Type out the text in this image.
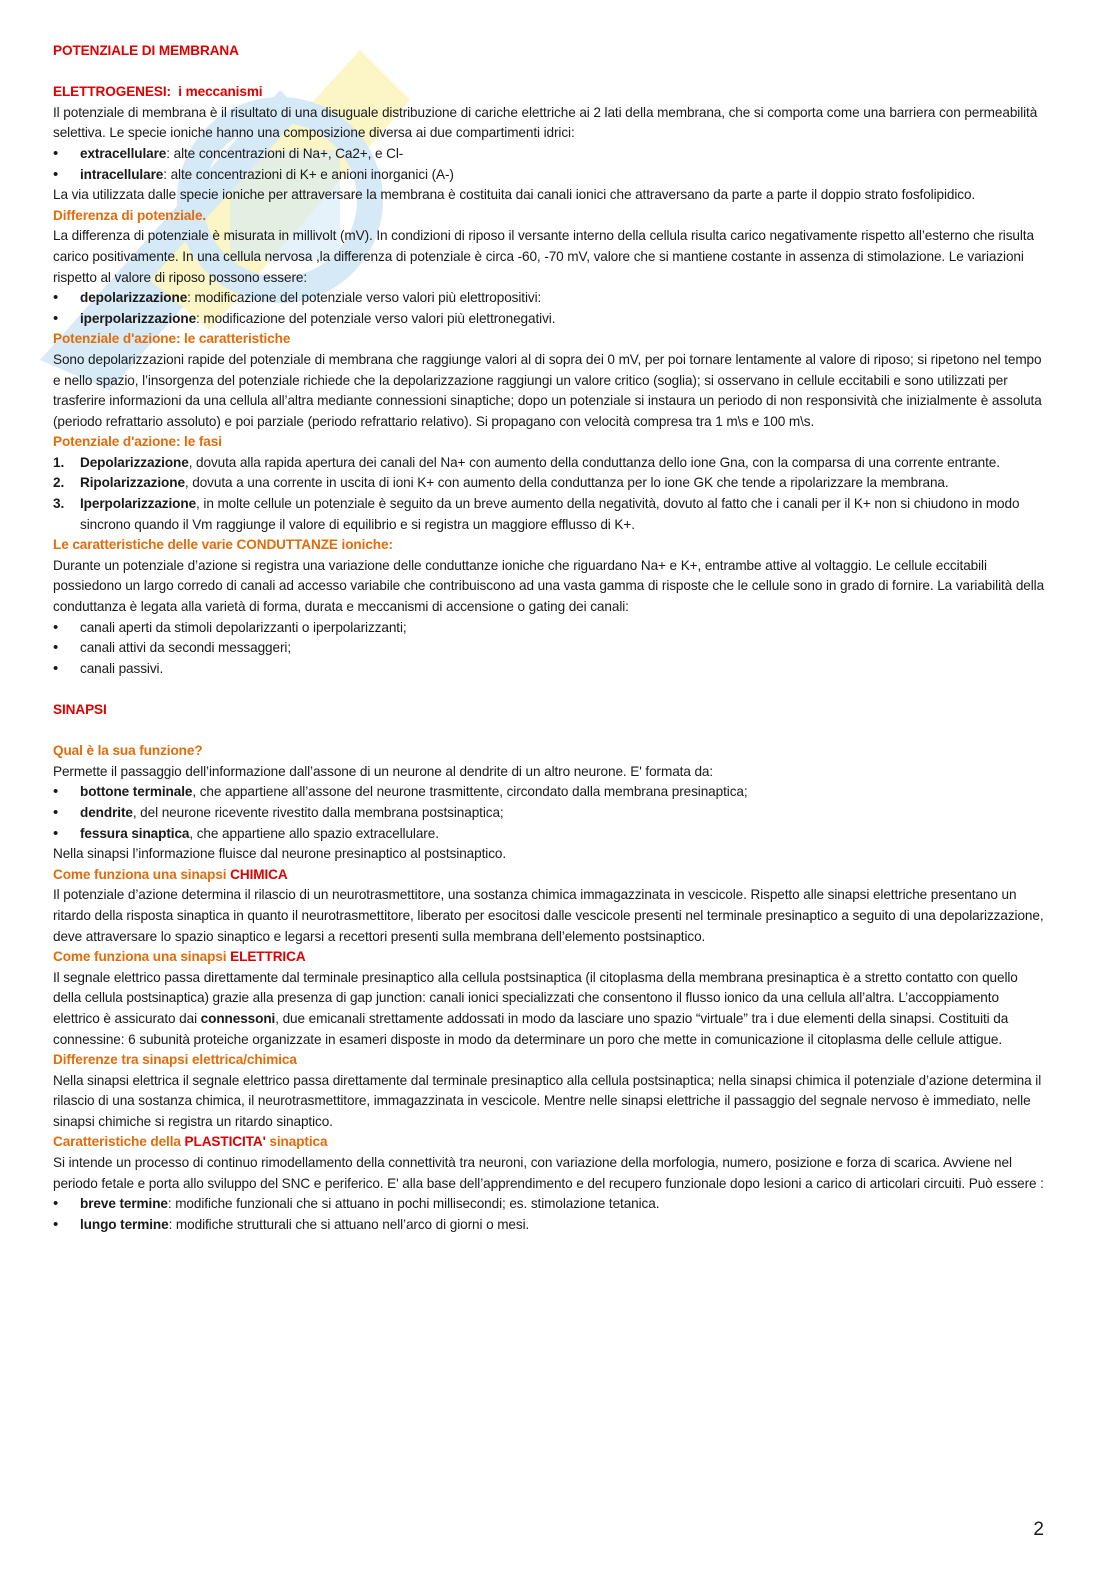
POTENZIALE DI MEMBRANA

ELETTROGENESI: i meccanismi

Il potenziale di membrana è il risultato di una disuguale distribuzione di cariche elettriche ai 2 lati della membrana, che si comporta come una barriera con permeabilità selettiva. Le specie ioniche hanno una composizione diversa ai due compartimenti idrici:

• extracellulare: alte concentrazioni di Na+, Ca2+, e Cl-
• intracellulare: alte concentrazioni di K+ e anioni inorganici (A-)

La via utilizzata dalle specie ioniche per attraversare la membrana è costituita dai canali ionici che attraversano da parte a parte il doppio strato fosfolipidico.

Differenza di potenziale.

La differenza di potenziale è misurata in millivolt (mV). In condizioni di riposo il versante interno della cellula risulta carico negativamente rispetto all’esterno che risulta carico positivamente. In una cellula nervosa ,la differenza di potenziale è circa -60, -70 mV, valore che si mantiene costante in assenza di stimolazione. Le variazioni rispetto al valore di riposo possono essere:

• depolarizzazione: modificazione del potenziale verso valori più elettropositivi:
• iperpolarizzazione: modificazione del potenziale verso valori più elettronegativi.

Potenziale d'azione: le caratteristiche

Sono depolarizzazioni rapide del potenziale di membrana che raggiunge valori al di sopra dei 0 mV, per poi tornare lentamente al valore di riposo; si ripetono nel tempo e nello spazio, l’insorgenza del potenziale richiede che la depolarizzazione raggiungi un valore critico (soglia); si osservano in cellule eccitabili e sono utilizzati per trasferire informazioni da una cellula all’altra mediante connessioni sinaptiche; dopo un potenziale si instaura un periodo di non responsività che inizialmente è assoluta (periodo refrattario assoluto) e poi parziale (periodo refrattario relativo). Si propagano con velocità compresa tra 1 m\s e 100 m\s.

Potenziale d'azione: le fasi

1. Depolarizzazione, dovuta alla rapida apertura dei canali del Na+ con aumento della conduttanza dello ione Gna, con la comparsa di una corrente entrante.
2. Ripolarizzazione, dovuta a una corrente in uscita di ioni K+ con aumento della conduttanza per lo ione GK che tende a ripolarizzare la membrana.
3. Iperpolarizzazione, in molte cellule un potenziale è seguito da un breve aumento della negatività, dovuto al fatto che i canali per il K+ non si chiudono in modo sincrono quando il Vm raggiunge il valore di equilibrio e si registra un maggiore efflusso di K+.

Le caratteristiche delle varie CONDUTTANZE ioniche:

Durante un potenziale d’azione si registra una variazione delle conduttanze ioniche che riguardano Na+ e K+, entrambe attive al voltaggio. Le cellule eccitabili possiedono un largo corredo di canali ad accesso variabile che contribuiscono ad una vasta gamma di risposte che le cellule sono in grado di fornire. La variabilità della conduttanza è legata alla varietà di forma, durata e meccanismi di accensione o gating dei canali:

• canali aperti da stimoli depolarizzanti o iperpolarizzanti;
• canali attivi da secondi messaggeri;
• canali passivi.

SINAPSI

Qual è la sua funzione?

Permette il passaggio dell’informazione dall’assone di un neurone al dendrite di un altro neurone. E' formata da:

• bottone terminale, che appartiene all’assone del neurone trasmittente, circondato dalla membrana presinaptica;
• dendrite, del neurone ricevente rivestito dalla membrana postsinaptica;
• fessura sinaptica, che appartiene allo spazio extracellulare.

Nella sinapsi l’informazione fluisce dal neurone presinaptico al postsinaptico.

Come funziona una sinapsi CHIMICA

Il potenziale d’azione determina il rilascio di un neurotrasmettitore, una sostanza chimica immagazzinata in vescicole. Rispetto alle sinapsi elettriche presentano un ritardo della risposta sinaptica in quanto il neurotrasmettitore, liberato per esocitosi dalle vescicole presenti nel terminale presinaptico a seguito di una depolarizzazione, deve attraversare lo spazio sinaptico e legarsi a recettori presenti sulla membrana dell’elemento postsinaptico.

Come funziona una sinapsi ELETTRICA

Il segnale elettrico passa direttamente dal terminale presinaptico alla cellula postsinaptica (il citoplasma della membrana presinaptica è a stretto contatto con quello della cellula postsinaptica) grazie alla presenza di gap junction: canali ionici specializzati che consentono il flusso ionico da una cellula all’altra. L’accoppiamento elettrico è assicurato dai connessoni, due emicanali strettamente addossati in modo da lasciare uno spazio “virtuale” tra i due elementi della sinapsi. Costituiti da connessine: 6 subunità proteiche organizzate in esameri disposte in modo da determinare un poro che mette in comunicazione il citoplasma delle cellule attigue.

Differenze tra sinapsi elettrica/chimica

Nella sinapsi elettrica il segnale elettrico passa direttamente dal terminale presinaptico alla cellula postsinaptica; nella sinapsi chimica il potenziale d’azione determina il rilascio di una sostanza chimica, il neurotrasmettitore, immagazzinata in vescicole. Mentre nelle sinapsi elettriche il passaggio del segnale nervoso è immediato, nelle sinapsi chimiche si registra un ritardo sinaptico.

Caratteristiche della PLASTICITA' sinaptica

Si intende un processo di continuo rimodellamento della connettività tra neuroni, con variazione della morfologia, numero, posizione e forza di scarica. Avviene nel periodo fetale e porta allo sviluppo del SNC e periferico. E' alla base dell’apprendimento e del recupero funzionale dopo lesioni a carico di articolari circuiti. Può essere :

• breve termine: modifiche funzionali che si attuano in pochi millisecondi; es. stimolazione tetanica.
• lungo termine: modifiche strutturali che si attuano nell’arco di giorni o mesi.
2
